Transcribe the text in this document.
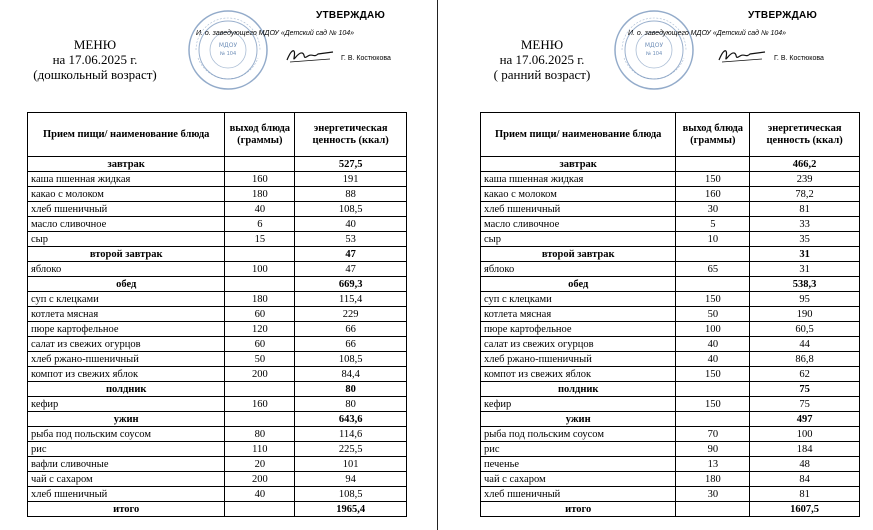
МЕНЮ
на 17.06.2025 г.
(дошкольный возраст)
МДОУ
№ 104
УТВЕРЖДАЮ
И. о. заведующего МДОУ «Детский сад № 104»
Г. В. Костюкова
Прием пищи/ наименование блюда	выход блюда (граммы)	энергетическая ценность (ккал)
завтрак		527,5
каша пшенная жидкая	160	191
какао с молоком	180	88
хлеб пшеничный	40	108,5
масло сливочное	6	40
сыр	15	53
второй завтрак		47
яблоко	100	47
обед		669,3
суп с клецками	180	115,4
котлета мясная	60	229
пюре картофельное	120	66
салат из свежих огурцов	60	66
хлеб ржано-пшеничный	50	108,5
компот из свежих яблок	200	84,4
полдник		80
кефир	160	80
ужин		643,6
рыба под польским соусом	80	114,6
рис	110	225,5
вафли сливочные	20	101
чай с сахаром	200	94
хлеб пшеничный	40	108,5
итого		1965,4
МЕНЮ
на 17.06.2025 г.
( ранний возраст)
МДОУ
№ 104
УТВЕРЖДАЮ
И. о. заведующего МДОУ «Детский сад № 104»
Г. В. Костюкова
Прием пищи/ наименование блюда	выход блюда (граммы)	энергетическая ценность (ккал)
завтрак		466,2
каша пшенная жидкая	150	239
какао с молоком	160	78,2
хлеб пшеничный	30	81
масло сливочное	5	33
сыр	10	35
второй завтрак		31
яблоко	65	31
обед		538,3
суп с клецками	150	95
котлета мясная	50	190
пюре картофельное	100	60,5
салат из свежих огурцов	40	44
хлеб ржано-пшеничный	40	86,8
компот из свежих яблок	150	62
полдник		75
кефир	150	75
ужин		497
рыба под польским соусом	70	100
рис	90	184
печенье	13	48
чай с сахаром	180	84
хлеб пшеничный	30	81
итого		1607,5
